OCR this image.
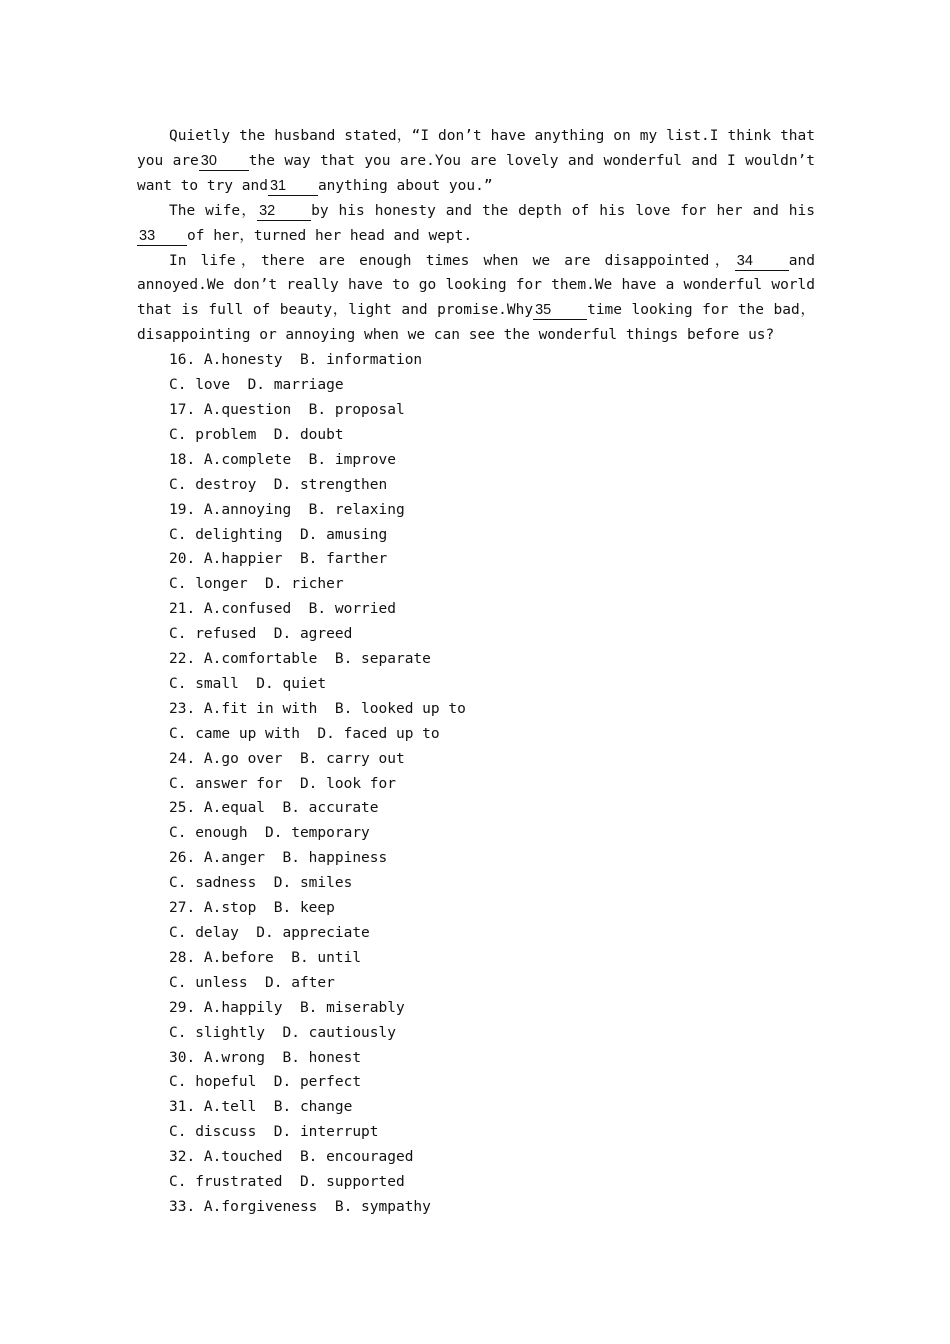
Quietly the husband stated，“I don’t have anything on my list.I think that you are 30 the way that you are.You are lovely and wonderful and I wouldn’t want to try and 31 anything about you.”

The wife， 32 by his honesty and the depth of his love for her and his33 of her，turned her head and wept.

In life，there are enough times when we are disappointed， 34 and annoyed.We don’t really have to go looking for them.We have a wonderful world that is full of beauty，light and promise.Why 35 time looking for the bad，disappointing or annoying when we can see the wonderful things before us?

16. A.honesty  B. information
C. love  D. marriage
17. A.question  B. proposal
C. problem  D. doubt
18. A.complete  B. improve
C. destroy  D. strengthen
19. A.annoying  B. relaxing
C. delighting  D. amusing
20. A.happier  B. farther
C. longer  D. richer
21. A.confused  B. worried
C. refused  D. agreed
22. A.comfortable  B. separate
C. small  D. quiet
23. A.fit in with  B. looked up to
C. came up with  D. faced up to
24. A.go over  B. carry out
C. answer for  D. look for
25. A.equal  B. accurate
C. enough  D. temporary
26. A.anger  B. happiness
C. sadness  D. smiles
27. A.stop  B. keep
C. delay  D. appreciate
28. A.before  B. until
C. unless  D. after
29. A.happily  B. miserably
C. slightly  D. cautiously
30. A.wrong  B. honest
C. hopeful  D. perfect
31. A.tell  B. change
C. discuss  D. interrupt
32. A.touched  B. encouraged
C. frustrated  D. supported
33. A.forgiveness  B. sympathy
